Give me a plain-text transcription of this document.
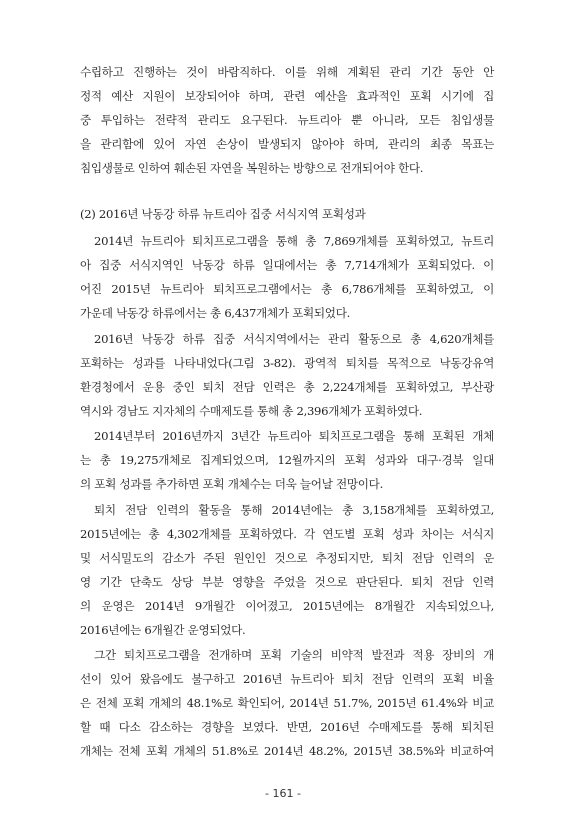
수립하고 진행하는 것이 바람직하다. 이를 위해 계획된 관리 기간 동안 안
정적 예산 지원이 보장되어야 하며, 관련 예산을 효과적인 포획 시기에 집
중 투입하는 전략적 관리도 요구된다. 뉴트리아 뿐 아니라, 모든 침입생물
을 관리함에 있어 자연 손상이 발생되지 않아야 하며, 관리의 최종 목표는
침입생물로 인하여 훼손된 자연을 복원하는 방향으로 전개되어야 한다.
(2) 2016년 낙동강 하류 뉴트리아 집중 서식지역 포획성과
2014년 뉴트리아 퇴치프로그램을 통해 총 7,869개체를 포획하였고, 뉴트리
아 집중 서식지역인 낙동강 하류 일대에서는 총 7,714개체가 포획되었다. 이
어진 2015년 뉴트리아 퇴치프로그램에서는 총 6,786개체를 포획하였고, 이
가운데 낙동강 하류에서는 총 6,437개체가 포획되었다.
2016년 낙동강 하류 집중 서식지역에서는 관리 활동으로 총 4,620개체를
포획하는 성과를 나타내었다(그림 3-82). 광역적 퇴치를 목적으로 낙동강유역
환경청에서 운용 중인 퇴치 전담 인력은 총 2,224개체를 포획하였고, 부산광
역시와 경남도 지자체의 수매제도를 통해 총 2,396개체가 포획하였다.
2014년부터 2016년까지 3년간 뉴트리아 퇴치프로그램을 통해 포획된 개체
는 총 19,275개체로 집계되었으며, 12월까지의 포획 성과와 대구·경북 일대
의 포획 성과를 추가하면 포획 개체수는 더욱 늘어날 전망이다.
퇴치 전담 인력의 활동을 통해 2014년에는 총 3,158개체를 포획하였고,
2015년에는 총 4,302개체를 포획하였다. 각 연도별 포획 성과 차이는 서식지
및 서식밀도의 감소가 주된 원인인 것으로 추정되지만, 퇴치 전담 인력의 운
영 기간 단축도 상당 부분 영향을 주었을 것으로 판단된다. 퇴치 전담 인력
의 운영은 2014년 9개월간 이어졌고, 2015년에는 8개월간 지속되었으나,
2016년에는 6개월간 운영되었다.
그간 퇴치프로그램을 전개하며 포획 기술의 비약적 발전과 적용 장비의 개
선이 있어 왔음에도 불구하고 2016년 뉴트리아 퇴치 전담 인력의 포획 비율
은 전체 포획 개체의 48.1%로 확인되어, 2014년 51.7%, 2015년 61.4%와 비교
할 때 다소 감소하는 경향을 보였다. 반면, 2016년 수매제도를 통해 퇴치된
개체는 전체 포획 개체의 51.8%로 2014년 48.2%, 2015년 38.5%와 비교하여
- 161 -
